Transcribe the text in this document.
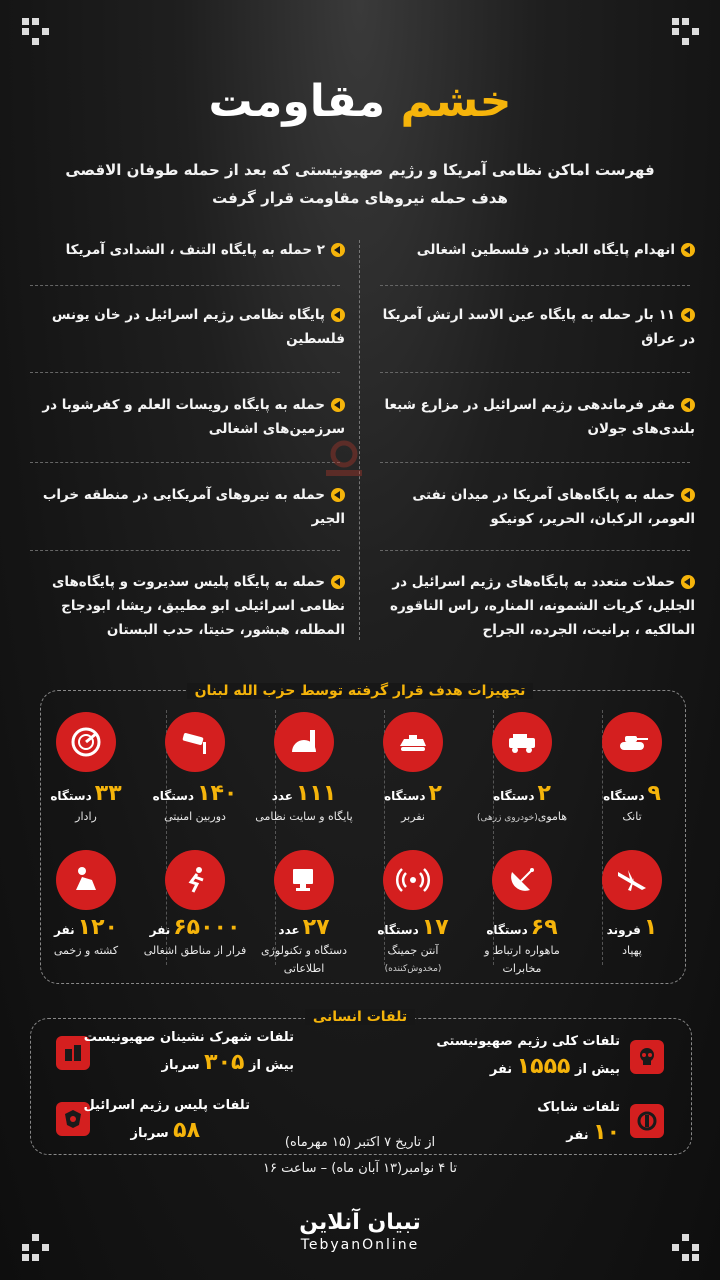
خشم مقاومت
فهرست اماکن نظامی آمریکا و رژیم صهیونیستی که بعد از حمله طوفان الاقصی
هدف حمله نیروهای مقاومت قرار گرفت
انهدام پایگاه العباد در فلسطین اشغالی
۱۱ بار حمله به پایگاه عین الاسد ارتش آمریکا در عراق
مقر فرماندهی رژیم اسرائیل در مزارع شبعا بلندی‌های جولان
حمله به پایگاه‌های آمریکا در میدان نفتی العومر، الرکبان، الحریر، کونیکو
حملات متعدد به پایگاه‌های رژیم اسرائیل در الجلیل، کریات الشمونه، المناره، راس الناقوره المالکیه ، برانیت، الجرده، الجراح
۲ حمله به پایگاه التنف ، الشدادی آمریکا
پایگاه نظامی رژیم اسرائیل در خان یونس فلسطین
حمله به پایگاه رویسات العلم و کفرشوبا در سرزمین‌های اشغالی
حمله به نیروهای آمریکایی در منطقه خراب الجیر
حمله به پایگاه پلیس سدیروت و پایگاه‌های نظامی اسرائیلی ابو مطیبق، ریشا، ابودجاج المطله، هبشور، حنیتا، حدب البستان
تجهیزات هدف قرار گرفته توسط حزب الله لبنان
۹دستگاه
تانک
۲دستگاه
هاموی(خودروی زرهی)
۲دستگاه
نفربر
۱۱۱عدد
پایگاه و سایت نظامی
۱۴۰دستگاه
دوربین امنیتی
۳۳دستگاه
رادار
۱فروند
پهپاد
۶۹دستگاه
ماهواره ارتباط و مخابرات
۱۷دستگاه
آنتن جمینگ
(مخدوش‌کننده)
۲۷عدد
دستگاه و تکنولوژی اطلاعاتی
۶۵۰۰۰نفر
فرار از مناطق اشغالی
۱۲۰نفر
کشته و زخمی
تلفات انسانی
تلفات کلی رژیم صهیونیستی
بیش از ۱۵۵۵ نفر
تلفات شاباک
۱۰ نفر
تلفات شهرک نشینان صهیونیست
بیش از ۳۰۵ سرباز
تلفات پلیس رژیم اسرائیل
۵۸ سرباز
از تاریخ ۷ اکتبر (۱۵ مهرماه)
تا ۴ نوامبر(۱۳ آبان ماه) – ساعت ۱۶
تبیان آنلاین
TebyanOnline
